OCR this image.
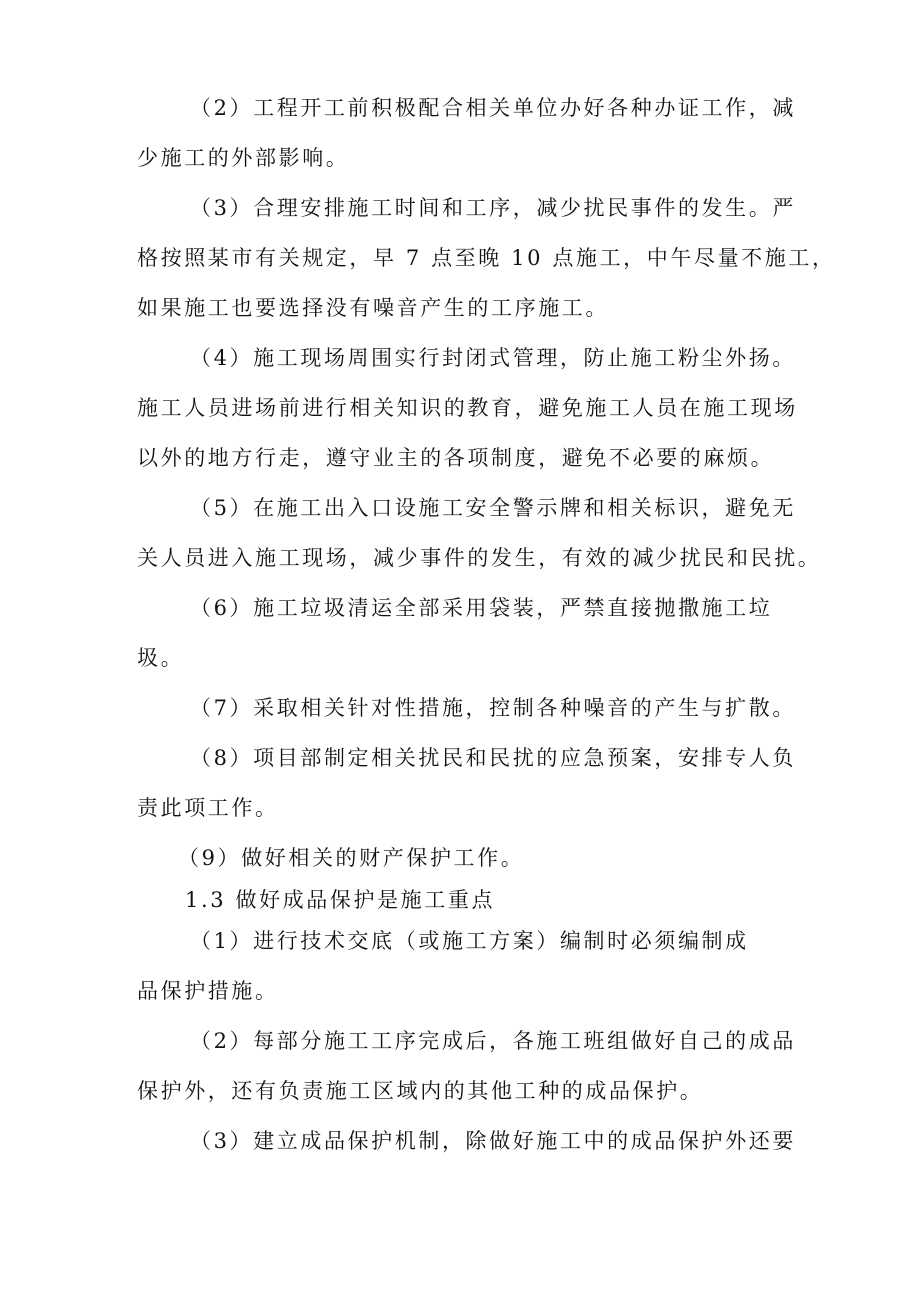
（2）工程开工前积极配合相关单位办好各种办证工作，减
少施工的外部影响。
（3）合理安排施工时间和工序，减少扰民事件的发生。严
格按照某市有关规定，早 7 点至晚 10 点施工，中午尽量不施工，
如果施工也要选择没有噪音产生的工序施工。
（4）施工现场周围实行封闭式管理，防止施工粉尘外扬。
施工人员进场前进行相关知识的教育，避免施工人员在施工现场
以外的地方行走，遵守业主的各项制度，避免不必要的麻烦。
（5）在施工出入口设施工安全警示牌和相关标识，避免无
关人员进入施工现场，减少事件的发生，有效的减少扰民和民扰。
（6）施工垃圾清运全部采用袋装，严禁直接抛撒施工垃
圾。
（7）采取相关针对性措施，控制各种噪音的产生与扩散。
（8）项目部制定相关扰民和民扰的应急预案，安排专人负
责此项工作。
（9）做好相关的财产保护工作。
1.3 做好成品保护是施工重点
（1）进行技术交底（或施工方案）编制时必须编制成
品保护措施。
（2）每部分施工工序完成后，各施工班组做好自己的成品
保护外，还有负责施工区域内的其他工种的成品保护。
（3）建立成品保护机制，除做好施工中的成品保护外还要
